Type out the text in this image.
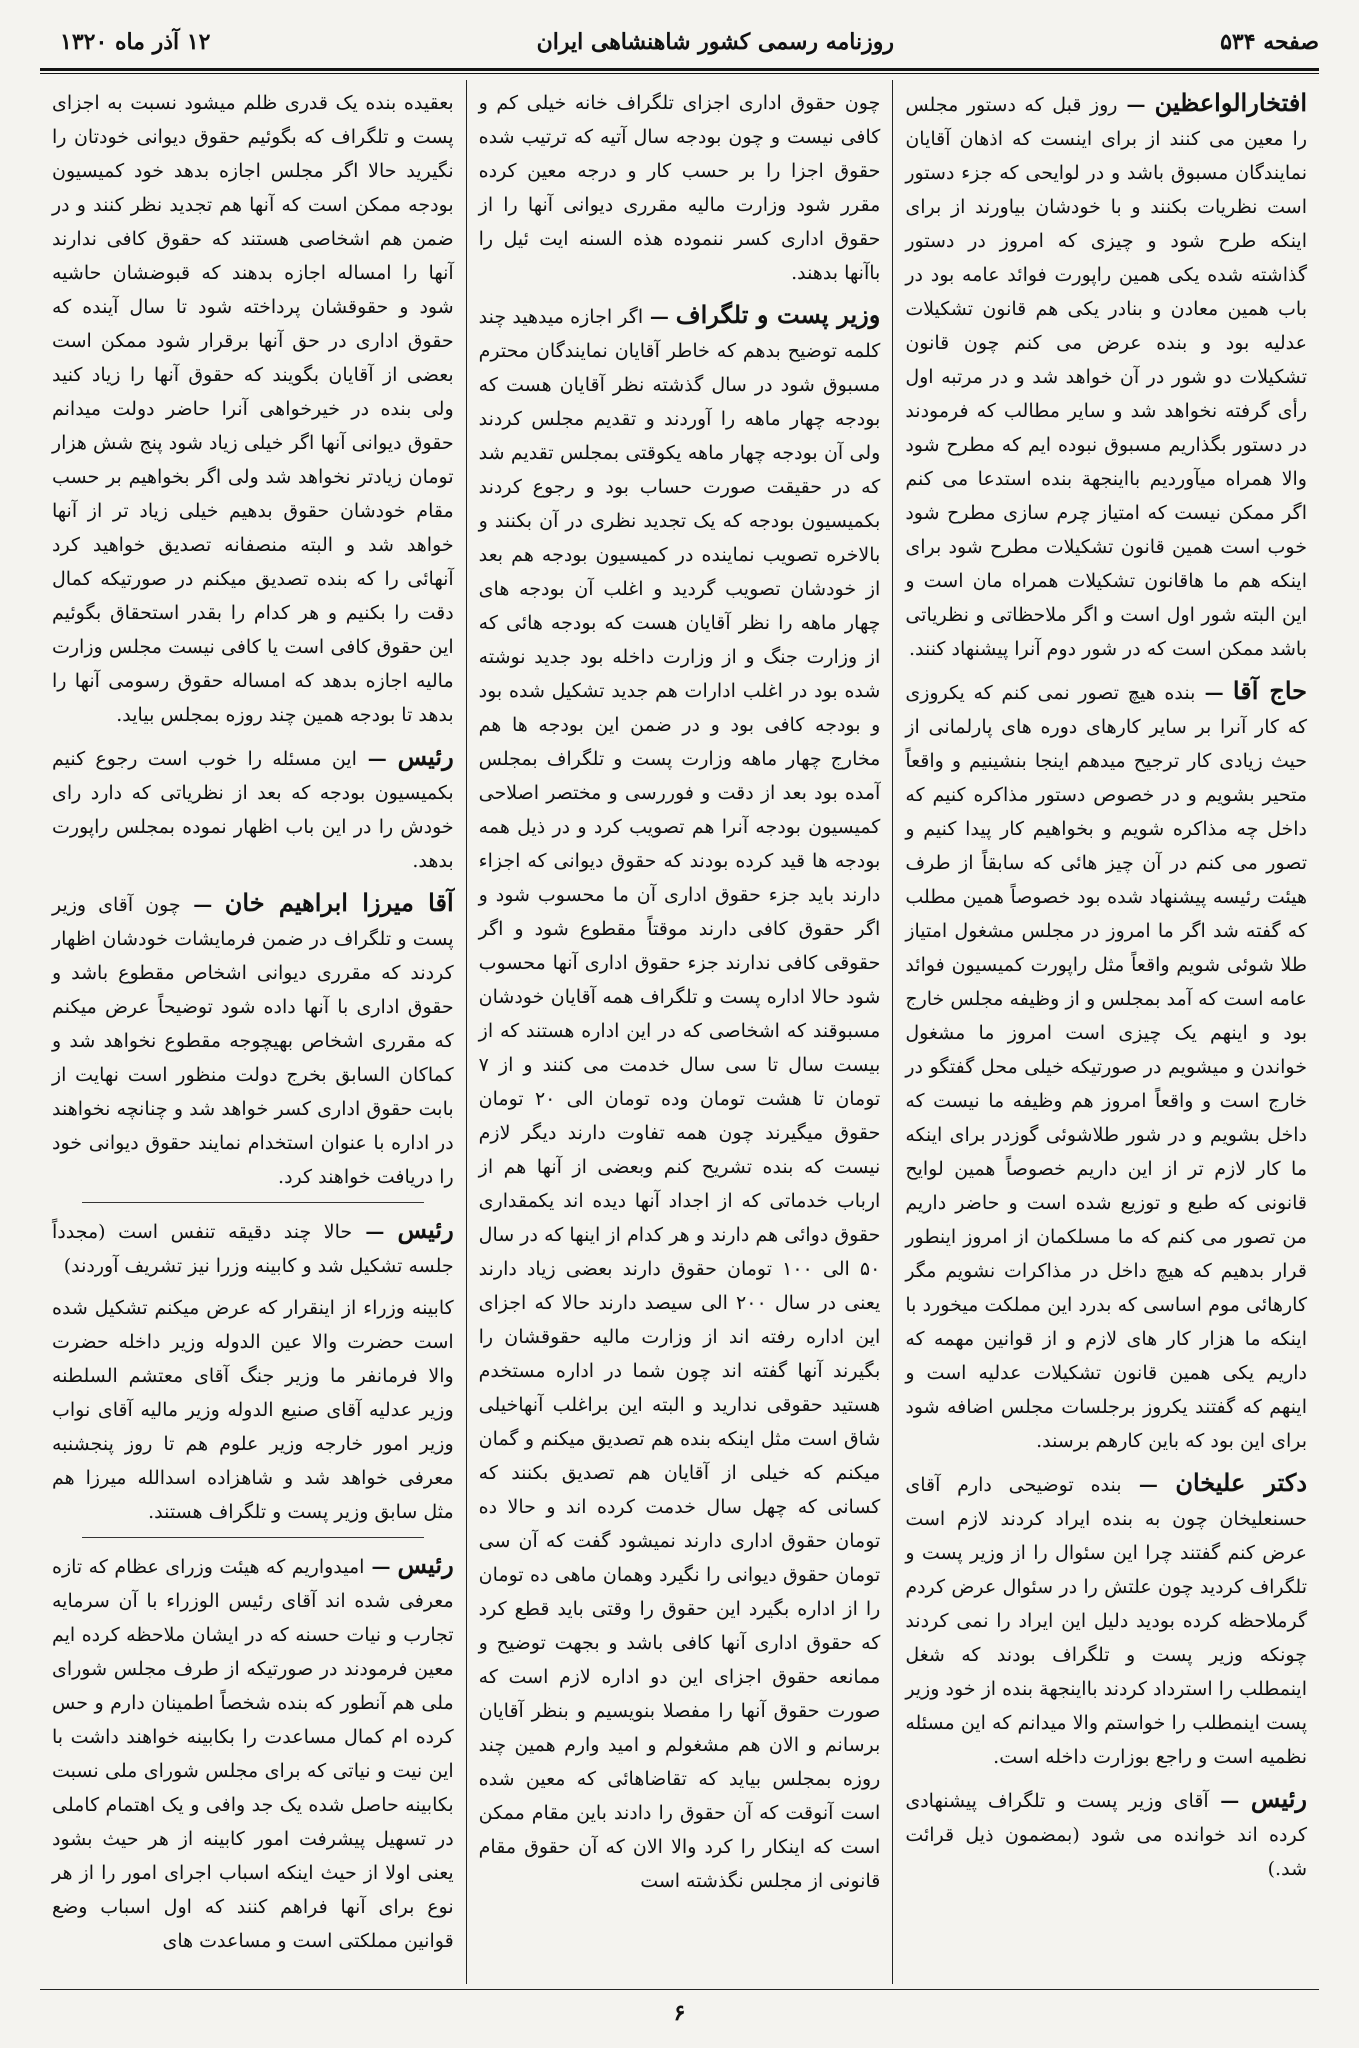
صفحه ۵۳۴
روزنامه رسمی کشور شاهنشاهی ایران
۱۲ آذر ماه ۱۳۲۰

افتخارالواعظین — روز قبل که دستور مجلس را معین می کنند از برای اینست که اذهان آقایان نمایندگان مسبوق باشد و در لوایحی که جزء دستور است نظریات بکنند و با خودشان بیاورند از برای اینکه طرح شود و چیزی که امروز در دستور گذاشته شده یکی همین راپورت فوائد عامه بود در باب همین معادن و بنادر یکی هم قانون تشکیلات عدلیه بود و بنده عرض می کنم چون قانون تشکیلات دو شور در آن خواهد شد و در مرتبه اول رأی گرفته نخواهد شد و سایر مطالب که فرمودند در دستور بگذاریم مسبوق نبوده ایم که مطرح شود والا همراه میآوردیم بااینجهة بنده استدعا می کنم اگر ممکن نیست که امتیاز چرم سازی مطرح شود خوب است همین قانون تشکیلات مطرح شود برای اینکه هم ما هاقانون تشکیلات همراه مان است و این البته شور اول است و اگر ملاحظاتی و نظریاتی باشد ممکن است که در شور دوم آنرا پیشنهاد کنند.

حاج آقا — بنده هیچ تصور نمی کنم که یکروزی که کار آنرا بر سایر کارهای دوره های پارلمانی از حیث زیادی کار ترجیح میدهم اینجا بنشینیم و واقعاً متحیر بشویم و در خصوص دستور مذاکره کنیم که داخل چه مذاکره شویم و بخواهیم کار پیدا کنیم و تصور می کنم در آن چیز هائی که سابقاً از طرف هیئت رئیسه پیشنهاد شده بود خصوصاً همین مطلب که گفته شد اگر ما امروز در مجلس مشغول امتیاز طلا شوئی شویم واقعاً مثل راپورت کمیسیون فوائد عامه است که آمد بمجلس و از وظیفه مجلس خارج بود و اینهم یک چیزی است امروز ما مشغول خواندن و میشویم در صورتیکه خیلی محل گفتگو در خارج است و واقعاً امروز هم وظیفه ما نیست که داخل بشویم و در شور طلاشوئی گوزدر برای اینکه ما کار لازم تر از این داریم خصوصاً همین لوایح قانونی که طبع و توزیع شده است و حاضر داریم من تصور می کنم که ما مسلکمان از امروز اینطور قرار بدهیم که هیچ داخل در مذاکرات نشویم مگر کارهائی موم اساسی که بدرد این مملکت میخورد با اینکه ما هزار کار های لازم و از قوانین مهمه که داریم یکی همین قانون تشکیلات عدلیه است و اینهم که گفتند یکروز برجلسات مجلس اضافه شود برای این بود که باین کارهم برسند.

دکتر علیخان — بنده توضیحی دارم آقای حسنعلیخان چون به بنده ایراد کردند لازم است عرض کنم گفتند چرا این سئوال را از وزیر پست و تلگراف کردید چون علتش را در سئوال عرض کردم گرملاحظه کرده بودید دلیل این ایراد را نمی کردند چونکه وزیر پست و تلگراف بودند که شغل اینمطلب را استرداد کردند بااینجهة بنده از خود وزیر پست اینمطلب را خواستم والا میدانم که این مسئله نظمیه است و راجع بوزارت داخله است.

رئیس — آقای وزیر پست و تلگراف پیشنهادی کرده اند خوانده می شود (بمضمون ذیل قرائت شد.)

چون حقوق اداری اجزای تلگراف خانه خیلی کم و کافی نیست و چون بودجه سال آتیه که ترتیب شده حقوق اجزا را بر حسب کار و درجه معین کرده مقرر شود وزارت مالیه مقرری دیوانی آنها را از حقوق اداری کسر ننموده هذه السنه ایت ئیل را باآنها بدهند.

وزیر پست و تلگراف — اگر اجازه میدهید چند کلمه توضیح بدهم که خاطر آقایان نمایندگان محترم مسبوق شود در سال گذشته نظر آقایان هست که بودجه چهار ماهه را آوردند و تقدیم مجلس کردند ولی آن بودجه چهار ماهه یکوقتی بمجلس تقدیم شد که در حقیقت صورت حساب بود و رجوع کردند بکمیسیون بودجه که یک تجدید نظری در آن بکنند و بالاخره تصویب نماینده در کمیسیون بودجه هم بعد از خودشان تصویب گردید و اغلب آن بودجه های چهار ماهه را نظر آقایان هست که بودجه هائی که از وزارت جنگ و از وزارت داخله بود جدید نوشته شده بود در اغلب ادارات هم جدید تشکیل شده بود و بودجه کافی بود و در ضمن این بودجه ها هم مخارج چهار ماهه وزارت پست و تلگراف بمجلس آمده بود بعد از دقت و فوررسی و مختصر اصلاحی کمیسیون بودجه آنرا هم تصویب کرد و در ذیل همه بودجه ها قید کرده بودند که حقوق دیوانی که اجزاء دارند باید جزء حقوق اداری آن ما محسوب شود و اگر حقوق کافی دارند موقتاً مقطوع شود و اگر حقوقی کافی ندارند جزء حقوق اداری آنها محسوب شود حالا اداره پست و تلگراف همه آقایان خودشان مسبوقند که اشخاصی که در این اداره هستند که از بیست سال تا سی سال خدمت می کنند و از ۷ تومان تا هشت تومان وده تومان الی ۲۰ تومان حقوق میگیرند چون همه تفاوت دارند دیگر لازم نیست که بنده تشریح کنم وبعضی از آنها هم از ارباب خدماتی که از اجداد آنها دیده اند یکمقداری حقوق دوائی هم دارند و هر کدام از اینها که در سال ۵۰ الی ۱۰۰ تومان حقوق دارند بعضی زیاد دارند یعنی در سال ۲۰۰ الی سیصد دارند حالا که اجزای این اداره رفته اند از وزارت مالیه حقوقشان را بگیرند آنها گفته اند چون شما در اداره مستخدم هستید حقوقی ندارید و البته این براغلب آنهاخیلی شاق است مثل اینکه بنده هم تصدیق میکنم و گمان میکنم که خیلی از آقایان هم تصدیق بکنند که کسانی که چهل سال خدمت کرده اند و حالا ده تومان حقوق اداری دارند نمیشود گفت که آن سی تومان حقوق دیوانی را نگیرد وهمان ماهی ده تومان را از اداره بگیرد این حقوق را وقتی باید قطع کرد که حقوق اداری آنها کافی باشد و بجهت توضیح و ممانعه حقوق اجزای این دو اداره لازم است که صورت حقوق آنها را مفصلا بنویسیم و بنظر آقایان برسانم و الان هم مشغولم و امید وارم همین چند روزه بمجلس بیاید که تقاضاهائی که معین شده است آنوقت که آن حقوق را دادند باین مقام ممکن است که اینکار را کرد والا الان که آن حقوق مقام قانونی از مجلس نگذشته است

بعقیده بنده یک قدری ظلم میشود نسبت به اجزای پست و تلگراف که بگوئیم حقوق دیوانی خودتان را نگیرید حالا اگر مجلس اجازه بدهد خود کمیسیون بودجه ممکن است که آنها هم تجدید نظر کنند و در ضمن هم اشخاصی هستند که حقوق کافی ندارند آنها را امساله اجازه بدهند که قبوضشان حاشیه شود و حقوقشان پرداخته شود تا سال آینده که حقوق اداری در حق آنها برقرار شود ممکن است بعضی از آقایان بگویند که حقوق آنها را زیاد کنید ولی بنده در خیرخواهی آنرا حاضر دولت میدانم حقوق دیوانی آنها اگر خیلی زیاد شود پنج شش هزار تومان زیادتر نخواهد شد ولی اگر بخواهیم بر حسب مقام خودشان حقوق بدهیم خیلی زیاد تر از آنها خواهد شد و البته منصفانه تصدیق خواهید کرد آنهائی را که بنده تصدیق میکنم در صورتیکه کمال دقت را بکنیم و هر کدام را بقدر استحقاق بگوئیم این حقوق کافی است یا کافی نیست مجلس وزارت مالیه اجازه بدهد که امساله حقوق رسومی آنها را بدهد تا بودجه همین چند روزه بمجلس بیاید.

رئیس — این مسئله را خوب است رجوع کنیم بکمیسیون بودجه که بعد از نظریاتی که دارد رای خودش را در این باب اظهار نموده بمجلس راپورت بدهد.

آقا میرزا ابراهیم خان — چون آقای وزیر پست و تلگراف در ضمن فرمایشات خودشان اظهار کردند که مقرری دیوانی اشخاص مقطوع باشد و حقوق اداری با آنها داده شود توضیحاً عرض میکنم که مقرری اشخاص بهیچوجه مقطوع نخواهد شد و کماکان السابق بخرج دولت منظور است نهایت از بابت حقوق اداری کسر خواهد شد و چنانچه نخواهند در اداره با عنوان استخدام نمایند حقوق دیوانی خود را دریافت خواهند کرد.

رئیس — حالا چند دقیقه تنفس است (مجدداً جلسه تشکیل شد و کابینه وزرا نیز تشریف آوردند)

کابینه وزراء از اینقرار که عرض میکنم تشکیل شده است حضرت والا عین الدوله وزیر داخله حضرت والا فرمانفر ما وزیر جنگ آقای معتشم السلطنه وزیر عدلیه آقای صنیع الدوله وزیر مالیه آقای نواب وزیر امور خارجه وزیر علوم هم تا روز پنجشنبه معرفی خواهد شد و شاهزاده اسدالله میرزا هم مثل سابق وزیر پست و تلگراف هستند.

رئیس — امیدواریم که هیئت وزرای عظام که تازه معرفی شده اند آقای رئیس الوزراء با آن سرمایه تجارب و نیات حسنه که در ایشان ملاحظه کرده ایم معین فرمودند در صورتیکه از طرف مجلس شورای ملی هم آنطور که بنده شخصاً اطمینان دارم و حس کرده ام کمال مساعدت را بکابینه خواهند داشت با این نیت و نیاتی که برای مجلس شورای ملی نسبت بکابینه حاصل شده یک جد وافی و یک اهتمام کاملی در تسهیل پیشرفت امور کابینه از هر حیث بشود یعنی اولا از حیث اینکه اسباب اجرای امور را از هر نوع برای آنها فراهم کنند که اول اسباب وضع قوانین مملکتی است و مساعدت های

۶
